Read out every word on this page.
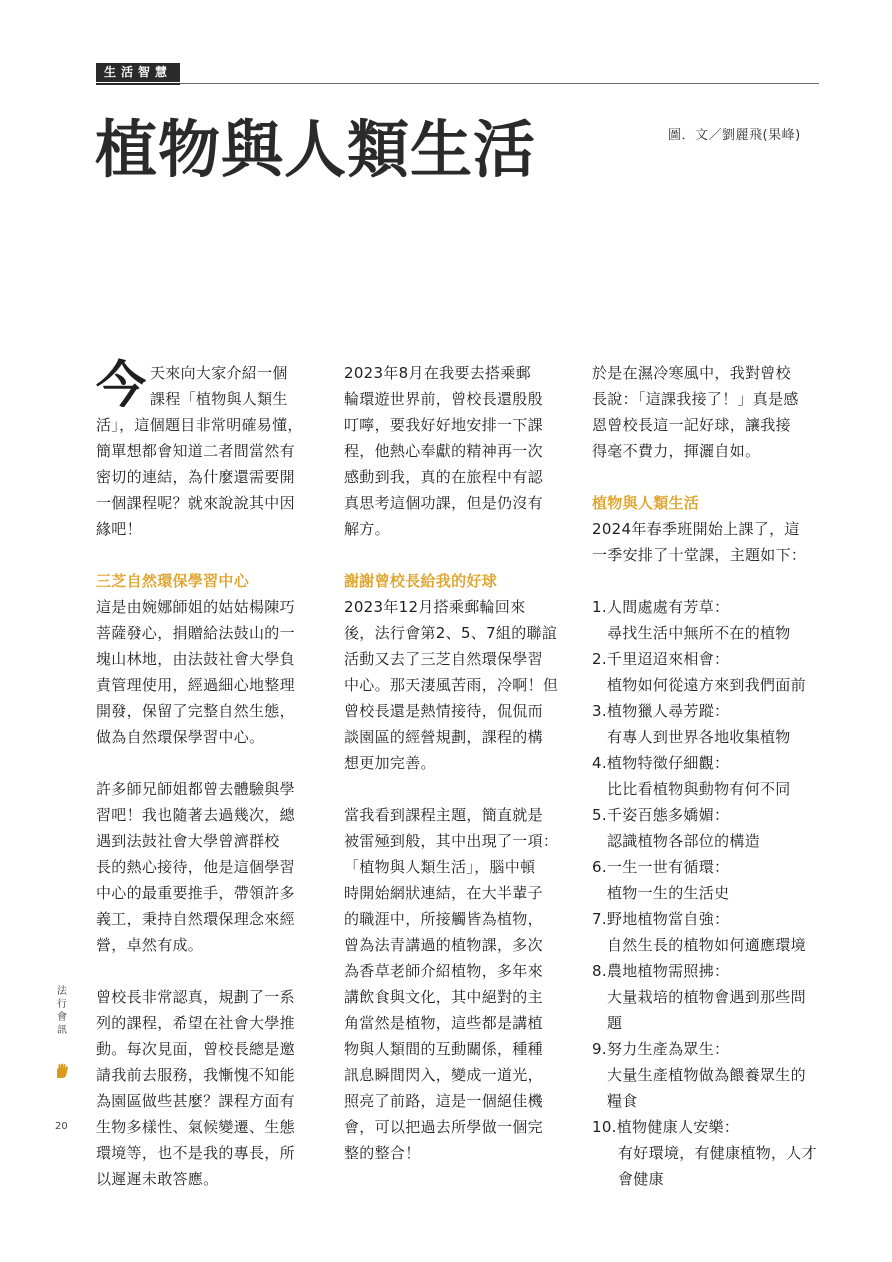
生活智慧
植物與人類生活	圖．文／劉麗飛(果峰)
法
行
會
訊
20
今 天來向大家介紹一個

課程「植物與人類生

活」，這個題目非常明確易懂，

簡單想都會知道二者間當然有

密切的連結，為什麼還需要開

一個課程呢？就來說說其中因

緣吧！

三芝自然環保學習中心

這是由婉娜師姐的姑姑楊陳巧

菩薩發心，捐贈給法鼓山的一

塊山林地，由法鼓社會大學負

責管理使用，經過細心地整理

開發，保留了完整自然生態，

做為自然環保學習中心。

許多師兄師姐都曾去體驗與學

習吧！我也隨著去過幾次，總

遇到法鼓社會大學曾濟群校

長的熱心接待，他是這個學習

中心的最重要推手，帶領許多

義工，秉持自然環保理念來經

營，卓然有成。

曾校長非常認真，規劃了一系

列的課程，希望在社會大學推

動。每次見面，曾校長總是邀

請我前去服務，我慚愧不知能

為園區做些甚麼？課程方面有

生物多樣性、氣候變遷、生態

環境等，也不是我的專長，所

以遲遲未敢答應。

2023年8月在我要去搭乘郵

輪環遊世界前，曾校長還殷殷

叮嚀，要我好好地安排一下課

程，他熱心奉獻的精神再一次

感動到我，真的在旅程中有認

真思考這個功課，但是仍沒有

解方。

謝謝曾校長給我的好球

2023年12月搭乘郵輪回來

後，法行會第2、5、7組的聯誼

活動又去了三芝自然環保學習

中心。那天淒風苦雨，冷啊！但

曾校長還是熱情接待，侃侃而

談園區的經營規劃，課程的構

想更加完善。

當我看到課程主題，簡直就是

被雷殛到般，其中出現了一項：

「植物與人類生活」，腦中頓

時開始網狀連結，在大半輩子

的職涯中，所接觸皆為植物，

曾為法青講過的植物課，多次

為香草老師介紹植物，多年來

講飲食與文化，其中絕對的主

角當然是植物，這些都是講植

物與人類間的互動關係，種種

訊息瞬間閃入，變成一道光，

照亮了前路，這是一個絕佳機

會，可以把過去所學做一個完

整的整合！

於是在濕冷寒風中，我對曾校

長說：「這課我接了！」真是感

恩曾校長這一記好球，讓我接

得毫不費力，揮灑自如。

植物與人類生活

2024年春季班開始上課了，這

一季安排了十堂課，主題如下：

1.人間處處有芳草：

尋找生活中無所不在的植物

2.千里迢迢來相會：

植物如何從遠方來到我們面前

3.植物獵人尋芳蹤：

有專人到世界各地收集植物

4.植物特徵仔細觀：

比比看植物與動物有何不同

5.千姿百態多嬌媚：

認識植物各部位的構造

6.一生一世有循環：

植物一生的生活史

7.野地植物當自強：

自然生長的植物如何適應環境

8.農地植物需照拂：

大量栽培的植物會遇到那些問題

9.努力生產為眾生：

大量生產植物做為餵養眾生的

糧食

10.植物健康人安樂：

有好環境，有健康植物，人才

會健康
